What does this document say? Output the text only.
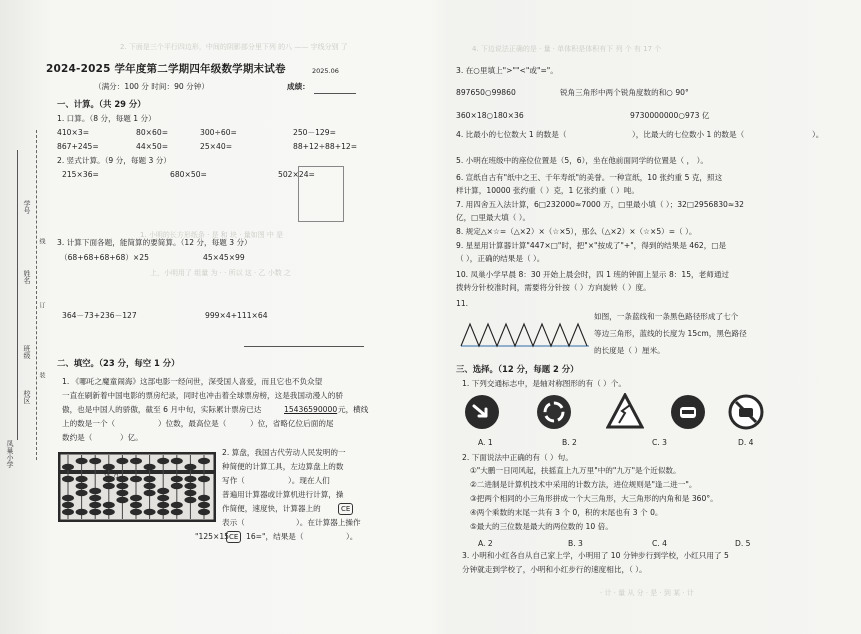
2. 下面是三个平行四边形，中间的阴影部分里下列 的八 —— 宇线分别 了	4. 下边说法正确的是 · 量 · 单体积是体积有下 列 个 有 17 个
1. 小明的长方形纸条 · 是 和 块 · 量如图 中 是
上，小明用了 组量 为 · · 所以 这 · 乙 小数 之
· 计 · 量 从 分 · 是 · 到 某 · 计
凤巢小学
校区
班级
姓名
学号
线
订
装
2024-2025 学年度第二学期四年级数学期末试卷	2025.06
（满分：100 分 时间：90 分钟）	成绩：
一、计算。（共 29 分）
1. 口算。（8 分，每题 1 分）
410×3=	80×60=	300÷60=	250－129=
867+245=	44×50=	25×40=	88+12÷88+12=
2. 竖式计算。（9 分，每题 3 分）
215×36=	680×50=	502×24=
3. 计算下面各题，能简算的要简算。（12 分，每题 3 分）
（68+68+68+68）×25	45×45×99
364－73+236－127	999×4+111×64
二、填空。（23 分，每空 1 分）
1. 《哪吒之魔童闹海》这部电影一经问世，深受国人喜爱，而且它也不负众望
一直在刷新着中国电影的票房纪录，同时也冲击着全球票房榜，这是我国动漫人的骄
傲，也是中国人的骄傲，截至 6 月中旬，实际累计票房已达	15436590000 元，横线
上的数是一个（	）位数，最高位是（	）位，省略亿位后面的尾
数约是（	）亿。
亿 万
2. 算盘，我国古代劳动人民发明的一
种简便的计算工具，左边算盘上的数
写作（	）。现在人们
普遍用计算器或计算机进行计算，操
作简便，速度快，计算器上的	CE
表示（	）。在计算器上操作
"125×15 CE	16="，结果是（	）。
3. 在○里填上">""<"或"="。
897650○99860	锐角三角形中两个锐角度数的和○ 90°
360×18○180×36	9730000000○973 亿
4. 比最小的七位数大 1 的数是（	），比最大的七位数小 1 的数是（	）。
5. 小明在班级中的座位位置是（5，6），坐在他前面同学的位置是（ ， ）。
6. 宣纸自古有"纸中之王、千年寿纸"的美誉。一种宣纸，10 张约重 5 克，照这
样计算，10000 张约重（ ）克，1 亿张约重（ ）吨。
7. 用四舍五入法计算，6□232000≈7000 万，□里最小填（ ）；32□2956830≈32
亿，□里最大填（ ）。
8. 规定△×☆=（△×2）×（☆×5），那么（△×2）×（☆×5）=（ ）。
9. 星星用计算器计算"447×□"时，把"×"按成了"+"，得到的结果是 462，□是
（ ），正确的结果是（ ）。
10. 凤巢小学早晨 8：30 开始上晨会时，四 1 班的钟面上显示 8：15，老师通过
拨转分针校准时间，需要将分针按（ ）方向旋转（ ）度。
11.
如图，一条蓝线和一条黑色路径形成了七个
等边三角形，蓝线的长度为 15cm，黑色路径
的长度是（ ）厘米。
三、选择。（12 分，每题 2 分）
1. 下列交通标志中，是轴对称图形的有（ ）个。
A. 1	B. 2	C. 3	D. 4
2. 下面说法中正确的有（ ）句。
①"大鹏一日同风起，扶摇直上九万里"中的"九万"是个近似数。
②二进制是计算机技术中采用的计数方法，进位规则是"逢二进一"。
③把两个相同的小三角形拼成一个大三角形，大三角形的内角和是 360°。
④两个乘数的末尾一共有 3 个 0，积的末尾也有 3 个 0。
⑤最大的三位数是最大的两位数的 10 倍。
A. 2	B. 3	C. 4	D. 5
3. 小明和小红各自从自己家上学，小明用了 10 分钟步行到学校，小红只用了 5
分钟就走到学校了，小明和小红步行的速度相比，（ ）。
